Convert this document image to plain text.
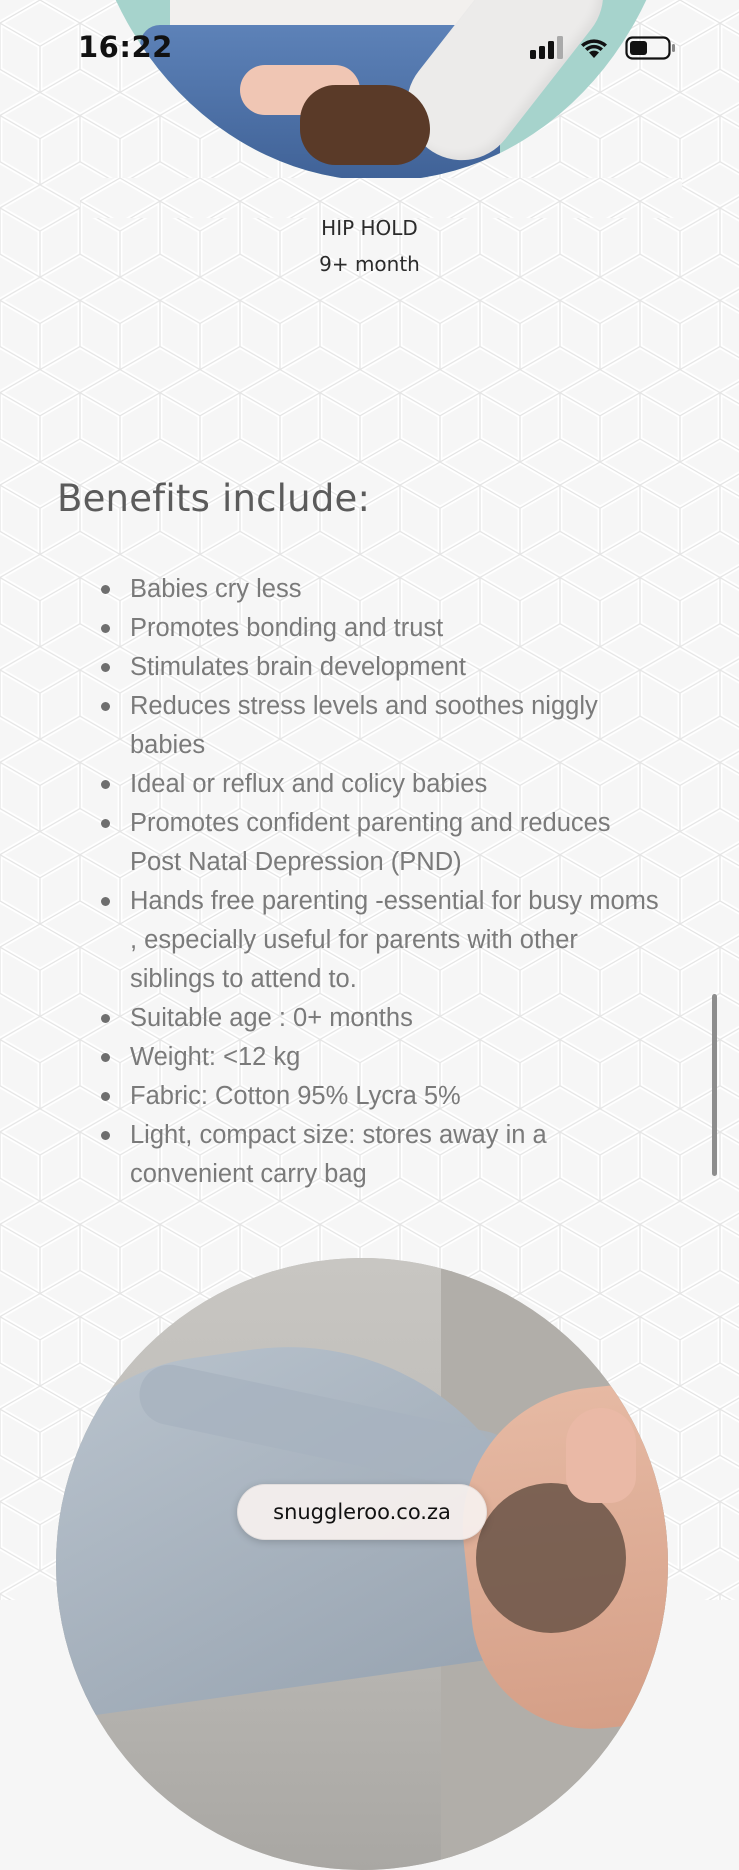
16:22
HIP HOLD
9+ month
Benefits include:
Babies cry less
Promotes bonding and trust
Stimulates brain development
Reduces stress levels and soothes niggly babies
Ideal or reflux and colicy babies
Promotes confident parenting and reduces Post Natal Depression (PND)
Hands free parenting -essential for busy moms , especially useful for parents with other siblings to attend to.
Suitable age : 0+ months
Weight: <12 kg
Fabric: Cotton 95% Lycra 5%
Light, compact size: stores away in a convenient carry bag
snuggleroo.co.za
